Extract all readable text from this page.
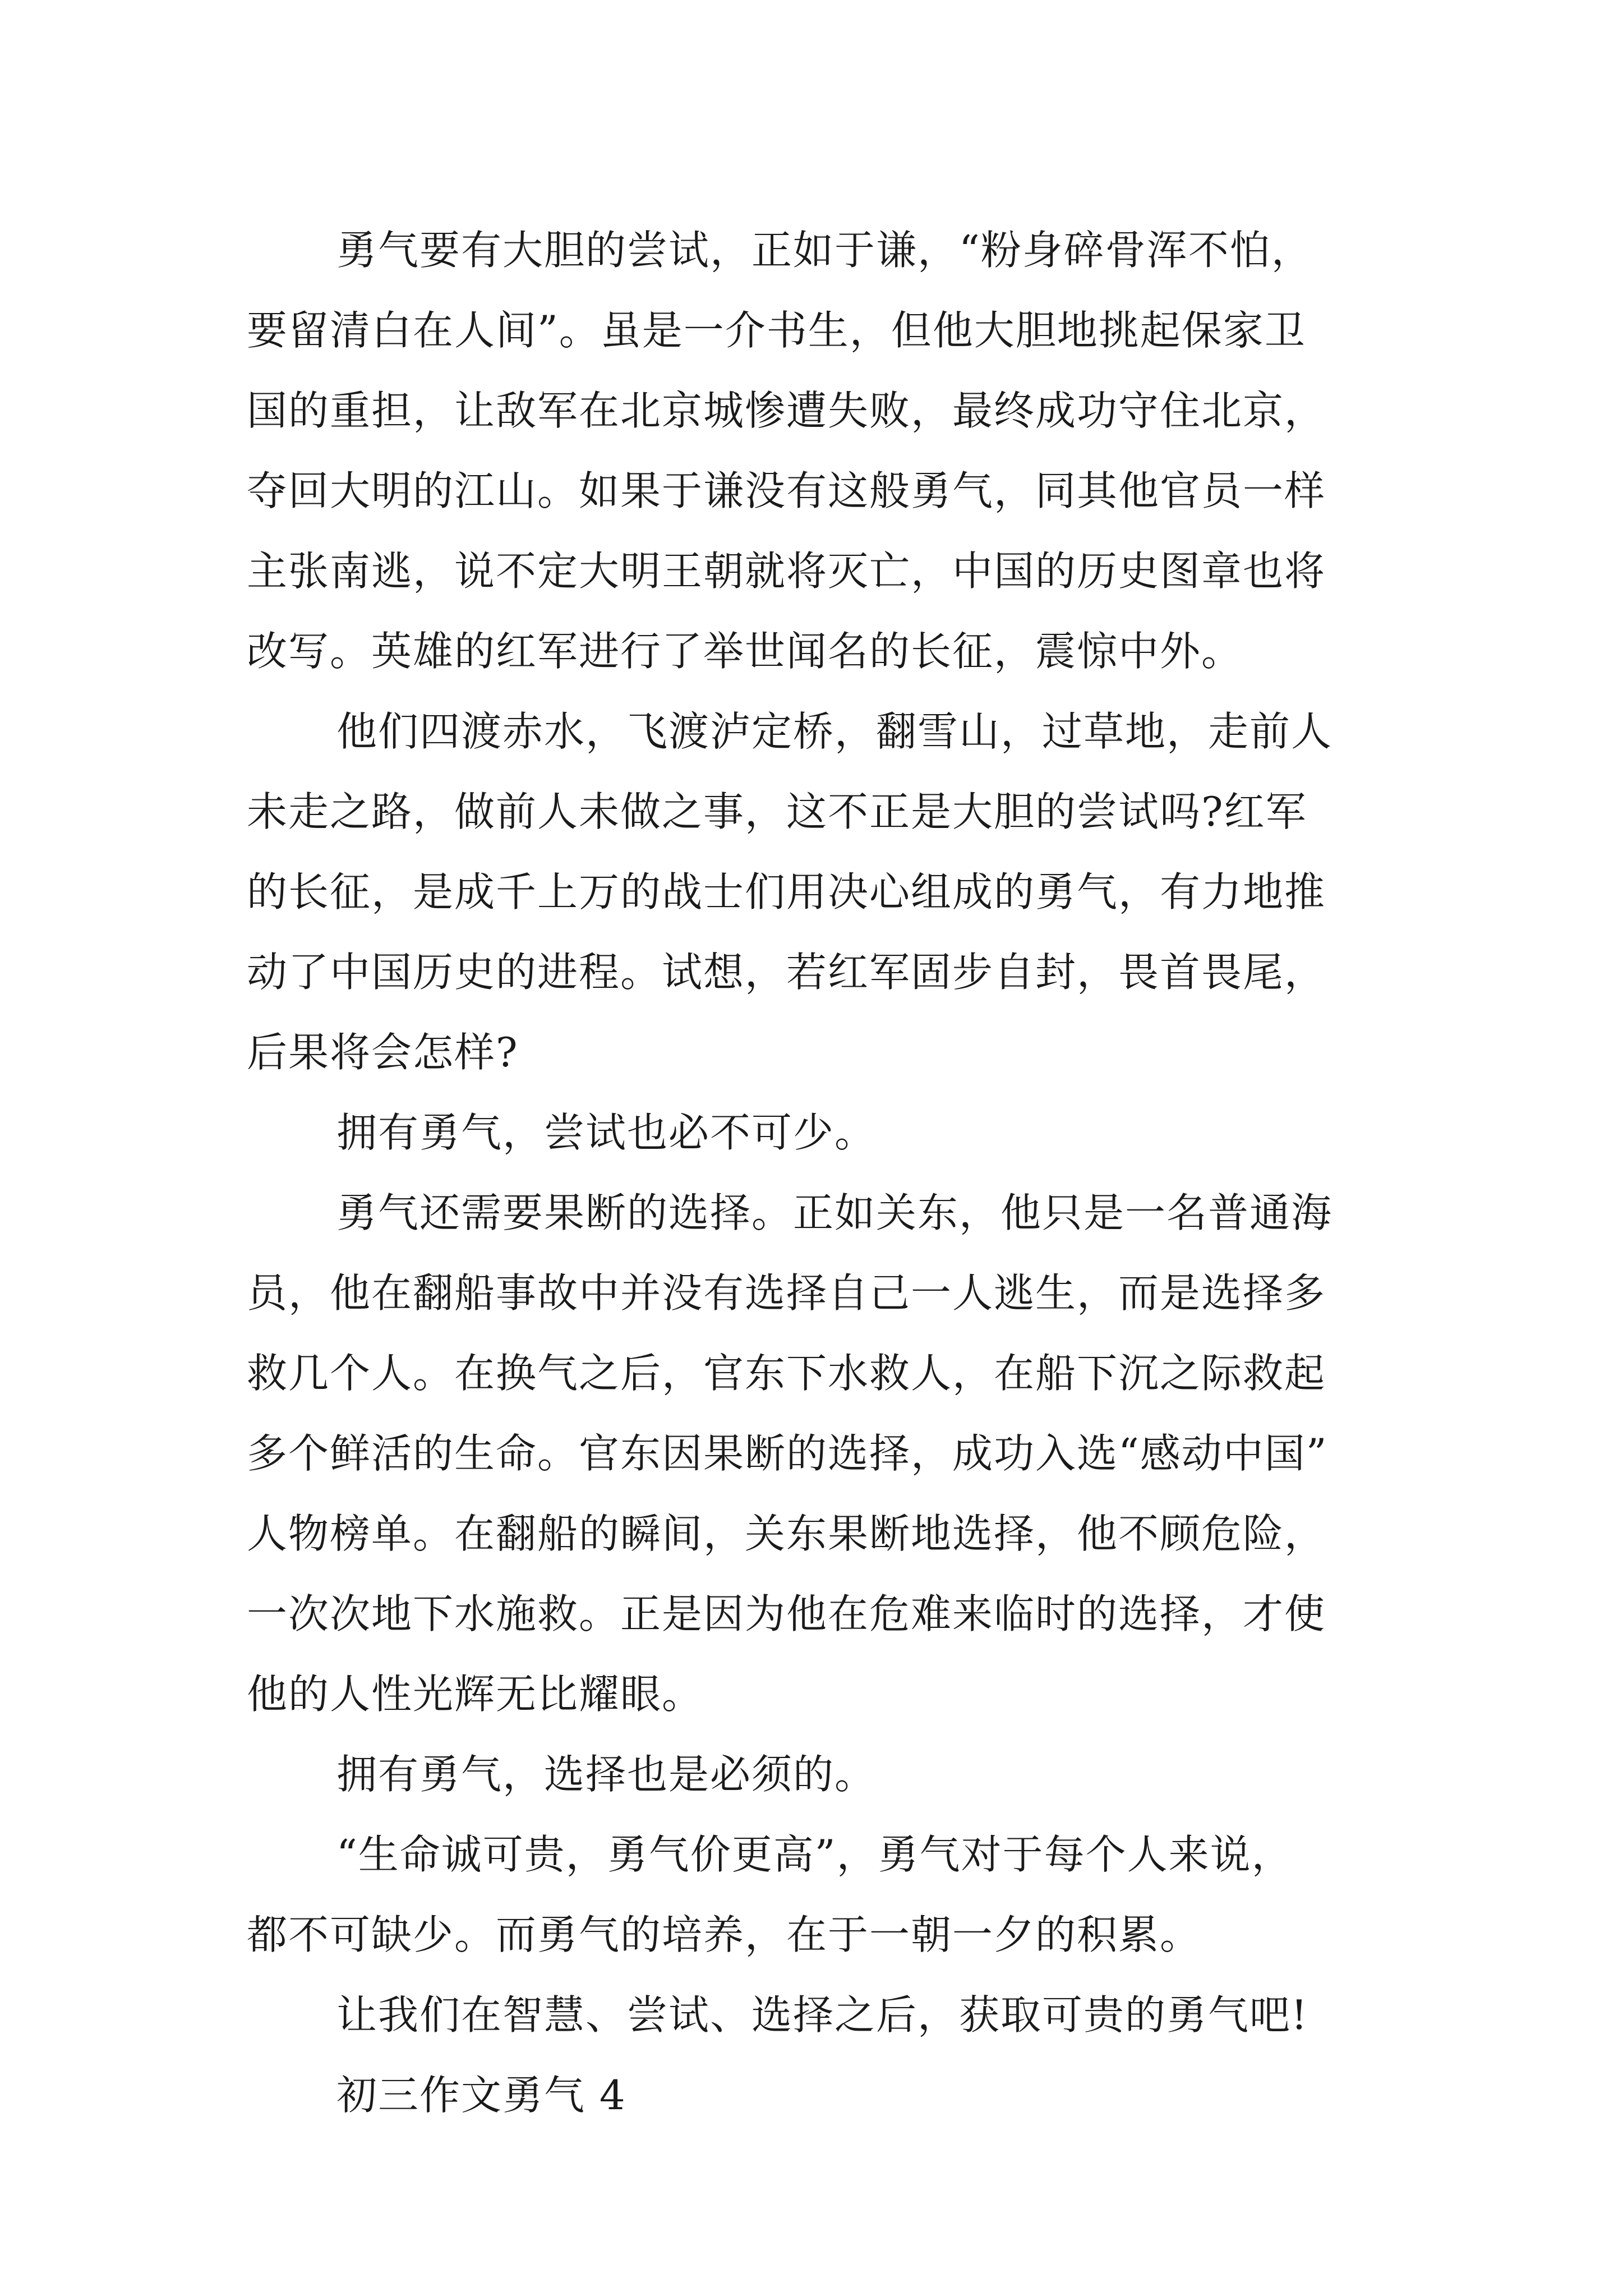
勇气要有大胆的尝试，正如于谦，“粉身碎骨浑不怕，
要留清白在人间”。虽是一介书生，但他大胆地挑起保家卫
国的重担，让敌军在北京城惨遭失败，最终成功守住北京，
夺回大明的江山。如果于谦没有这般勇气，同其他官员一样
主张南逃，说不定大明王朝就将灭亡，中国的历史图章也将
改写。英雄的红军进行了举世闻名的长征，震惊中外。
他们四渡赤水，飞渡泸定桥，翻雪山，过草地，走前人
未走之路，做前人未做之事，这不正是大胆的尝试吗?红军
的长征，是成千上万的战士们用决心组成的勇气，有力地推
动了中国历史的进程。试想，若红军固步自封，畏首畏尾，
后果将会怎样?
拥有勇气，尝试也必不可少。
勇气还需要果断的选择。正如关东，他只是一名普通海
员，他在翻船事故中并没有选择自己一人逃生，而是选择多
救几个人。在换气之后，官东下水救人，在船下沉之际救起
多个鲜活的生命。官东因果断的选择，成功入选“感动中国”
人物榜单。在翻船的瞬间，关东果断地选择，他不顾危险，
一次次地下水施救。正是因为他在危难来临时的选择，才使
他的人性光辉无比耀眼。
拥有勇气，选择也是必须的。
“生命诚可贵，勇气价更高”，勇气对于每个人来说，
都不可缺少。而勇气的培养，在于一朝一夕的积累。
让我们在智慧、尝试、选择之后，获取可贵的勇气吧!
初三作文勇气 4
